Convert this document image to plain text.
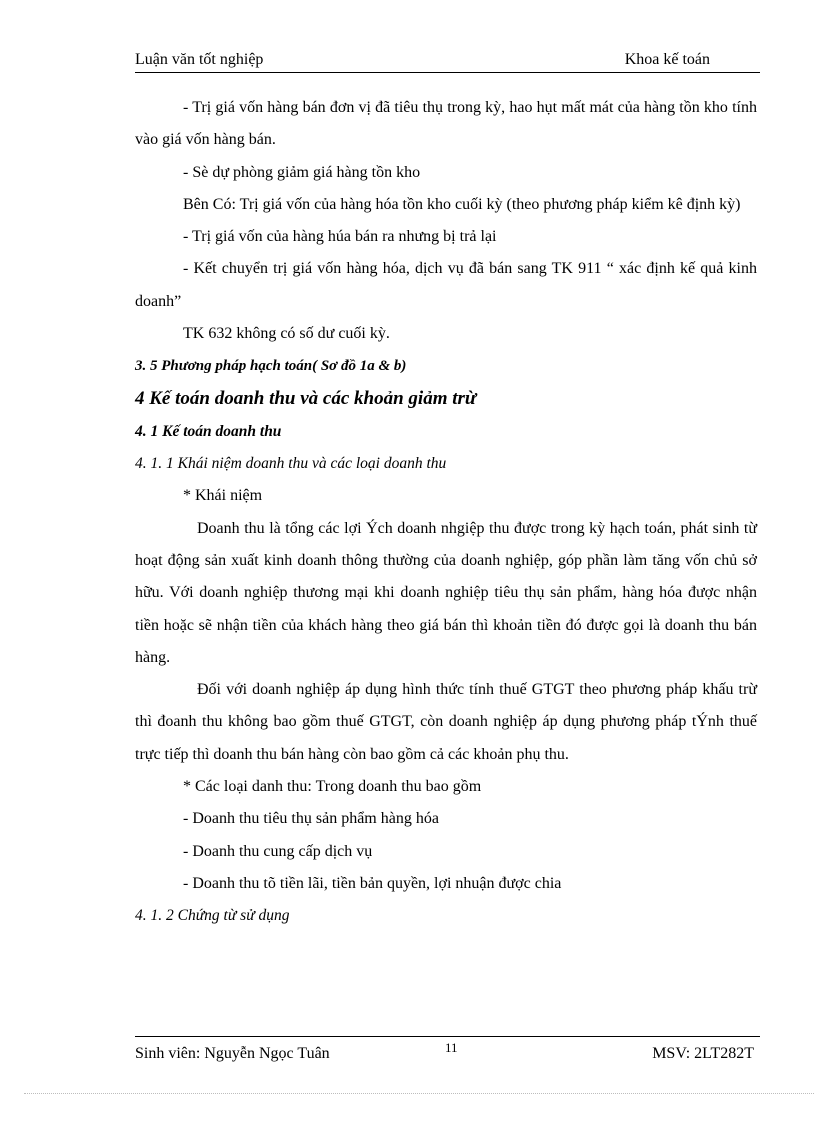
Luận văn tốt nghiệp	Khoa kế toán

- Trị giá vốn hàng bán đơn vị đã tiêu thụ trong kỳ, hao hụt mất mát của hàng tồn kho tính vào giá vốn hàng bán.

- Sè dự phòng giảm giá hàng tồn kho

Bên Có: Trị giá vốn của hàng hóa tồn kho cuối kỳ (theo phương pháp kiểm kê định kỳ)

- Trị giá vốn của hàng húa bán ra nhưng bị trả lại

- Kết chuyển trị giá vốn hàng hóa, dịch vụ đã bán sang TK 911 “ xác định kế quả kinh doanh”

TK 632 không có số dư cuối kỳ.

3. 5 Phương pháp hạch toán( Sơ đồ 1a & b)

4 Kế toán doanh thu và các khoản giảm trừ

4. 1 Kế toán doanh thu

4. 1. 1 Khái niệm doanh thu và các loại doanh thu

* Khái niệm

Doanh thu là tổng các lợi Ých doanh nhgiệp thu được trong kỳ hạch toán, phát sinh từ hoạt động sản xuất kinh doanh thông thường của doanh nghiệp, góp phần làm tăng vốn chủ sở hữu. Với doanh nghiệp thương mại khi doanh nghiệp tiêu thụ sản phẩm, hàng hóa được nhận tiền hoặc sẽ nhận tiền của khách hàng theo giá bán thì khoản tiền đó được gọi là doanh thu bán hàng.

Đối với doanh nghiệp áp dụng hình thức tính thuế GTGT theo phương pháp khấu trừ thì đoanh thu không bao gồm thuế GTGT, còn doanh nghiệp áp dụng phương pháp tÝnh thuế trực tiếp thì doanh thu bán hàng còn bao gồm cả các khoản phụ thu.

* Các loại danh thu: Trong doanh thu bao gồm

- Doanh thu tiêu thụ sản phẩm hàng hóa

- Doanh thu cung cấp dịch vụ

- Doanh thu tõ tiền lãi, tiền bản quyền, lợi nhuận được chia

4. 1. 2 Chứng từ sử dụng

Sinh viên: Nguyễn Ngọc Tuân	11	MSV: 2LT282T
